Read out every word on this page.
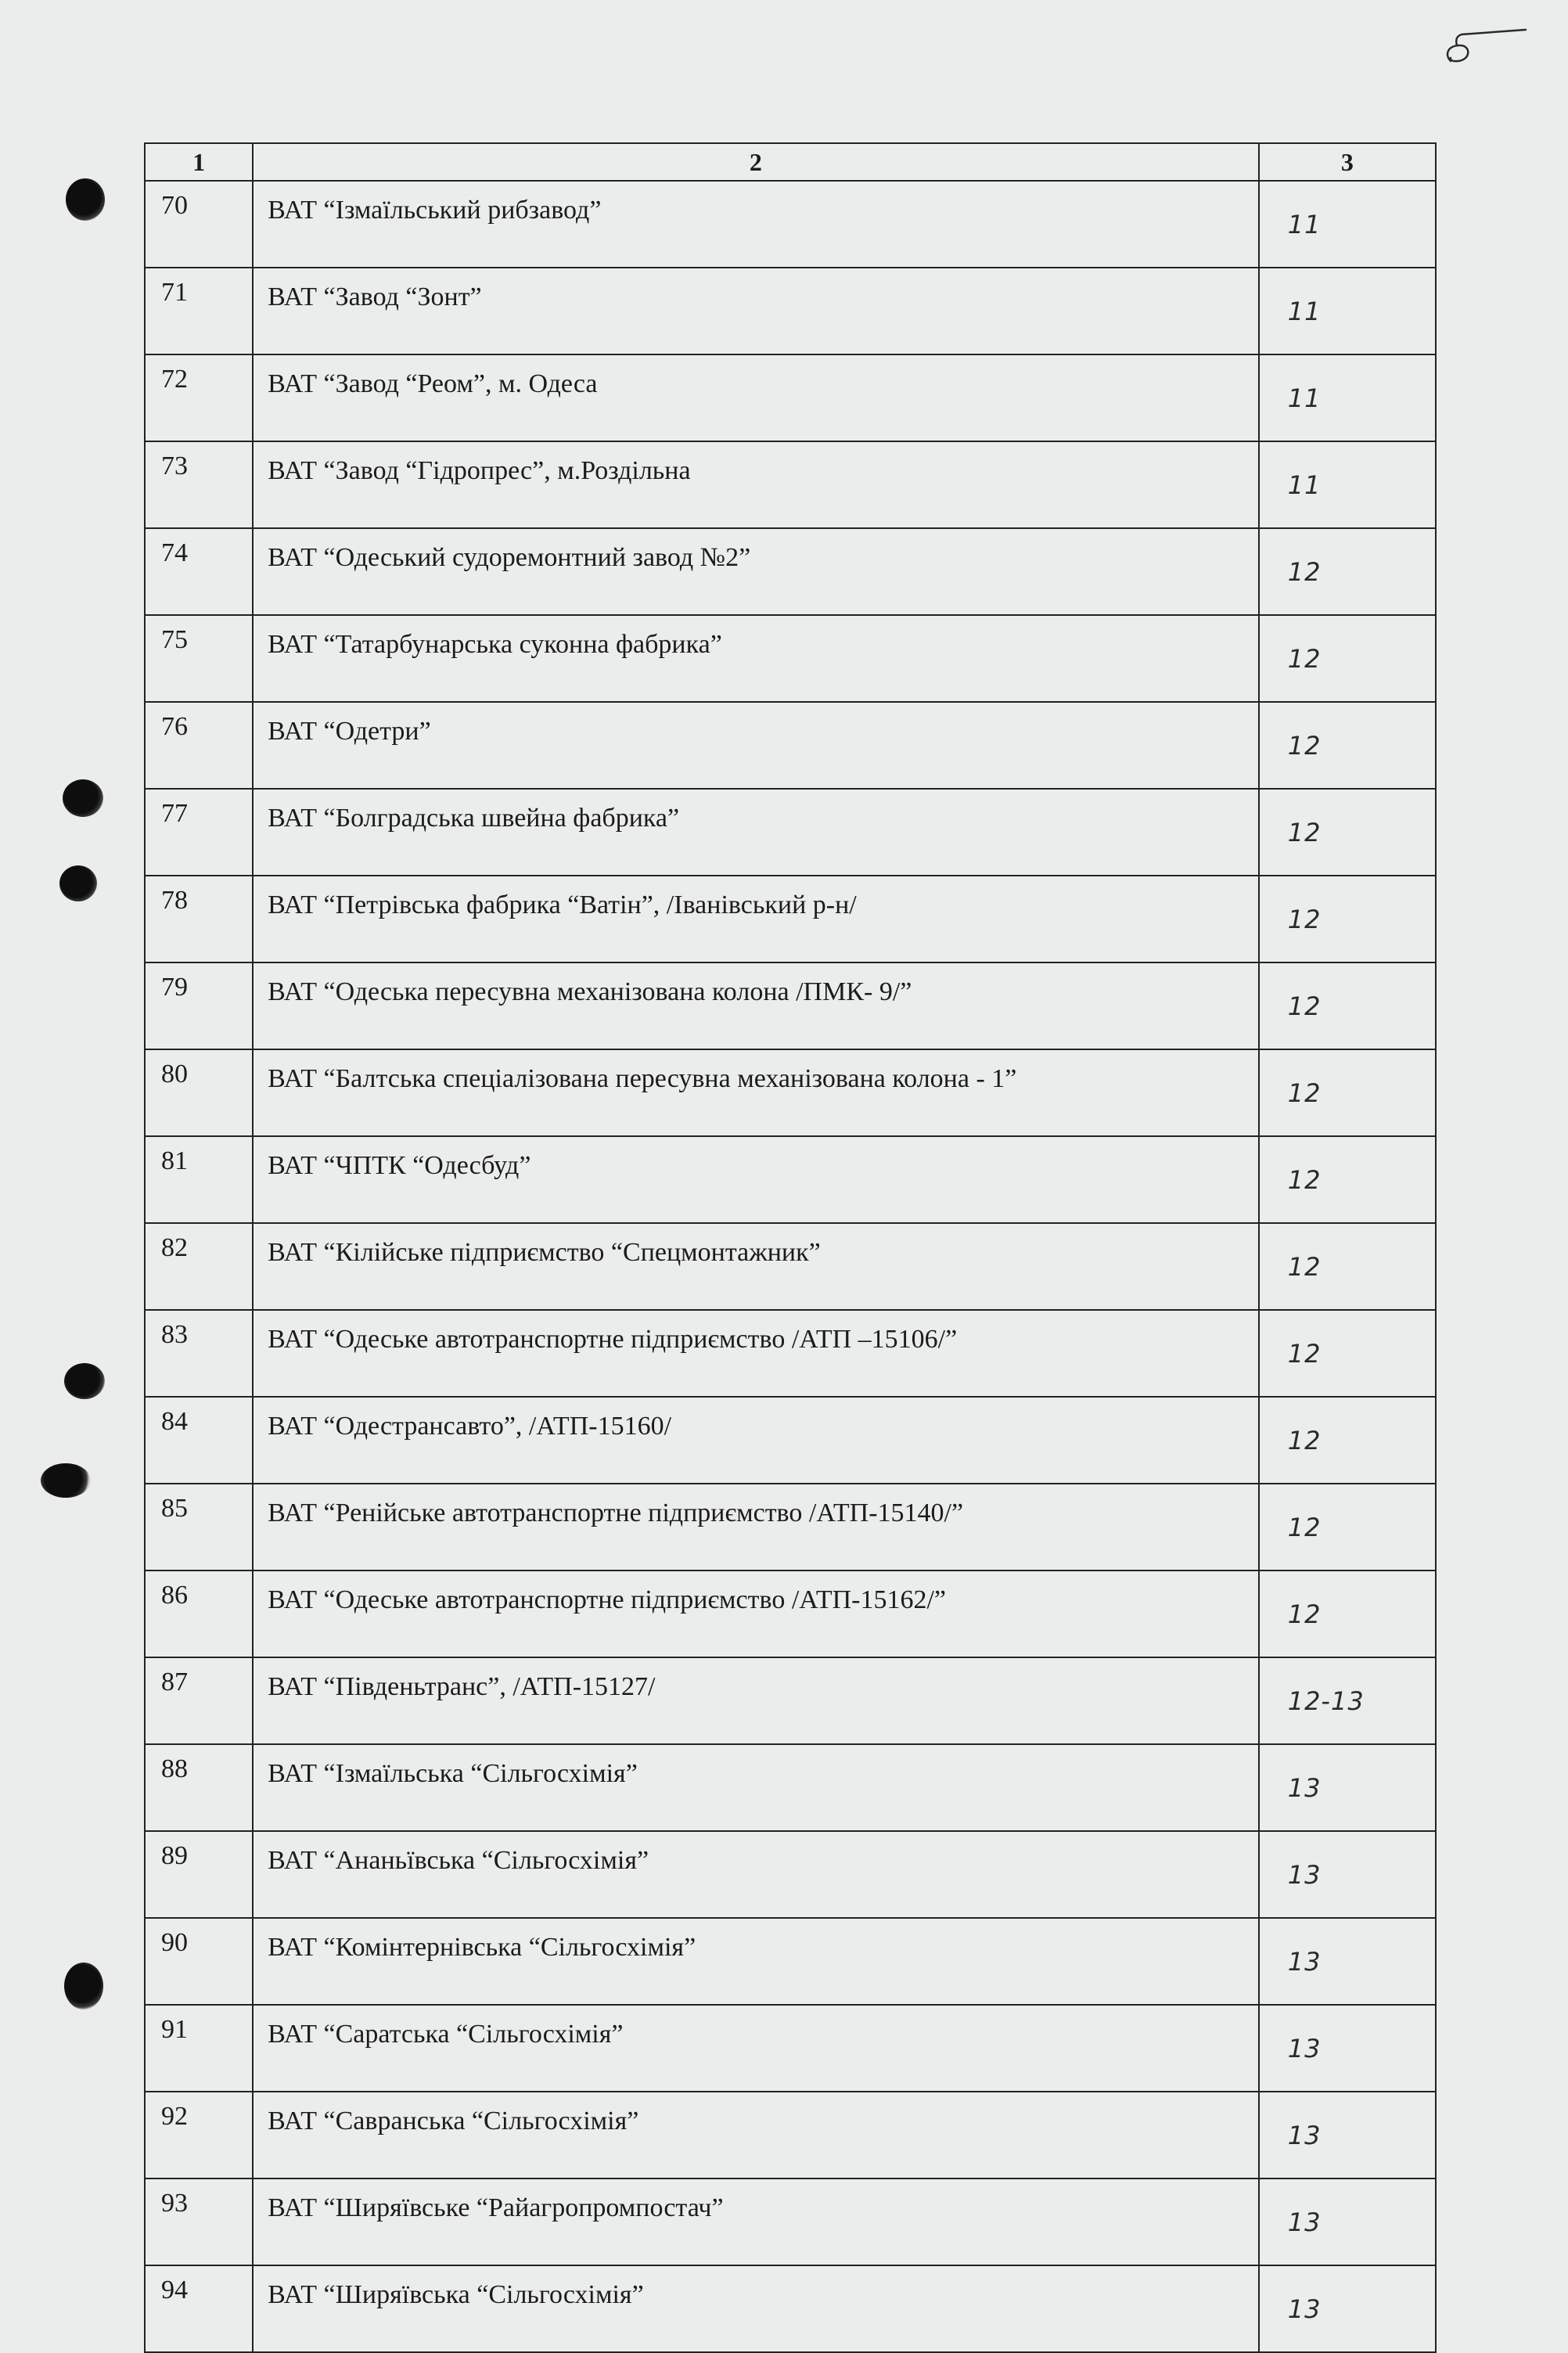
1	2	3
70	ВАТ “Ізмаїльський рибзавод”	11

71	ВАТ “Завод “Зонт”	11

72	ВАТ “Завод “Реом”, м. Одеса	11

73	ВАТ “Завод “Гідропрес”, м.Роздільна	11

74	ВАТ “Одеський судоремонтний завод №2”	12

75	ВАТ “Татарбунарська суконна фабрика”	12

76	ВАТ “Одетри”	12

77	ВАТ “Болградська швейна фабрика”	12

78	ВАТ “Петрівська фабрика “Ватін”, /Іванівський р-н/	12

79	ВАТ “Одеська пересувна механізована колона /ПМК- 9/”	12

80	ВАТ “Балтська спеціалізована пересувна механізована колона - 1”	12

81	ВАТ “ЧПТК “Одесбуд”	12

82	ВАТ “Кілійське підприємство “Спецмонтажник”	12

83	ВАТ “Одеське автотранспортне підприємство /АТП –15106/”	12

84	ВАТ “Одестрансавто”, /АТП-15160/	12

85	ВАТ “Ренійське автотранспортне підприємство /АТП-15140/”	12

86	ВАТ “Одеське автотранспортне підприємство /АТП-15162/”	12

87	ВАТ “Південьтранс”, /АТП-15127/	12-13

88	ВАТ “Ізмаїльська “Сільгосхімія”	13

89	ВАТ “Ананьївська “Сільгосхімія”	13

90	ВАТ “Комінтернівська “Сільгосхімія”	13

91	ВАТ “Саратська “Сільгосхімія”	13

92	ВАТ “Савранська “Сільгосхімія”	13

93	ВАТ “Ширяївське “Райагропромпостач”	13

94	ВАТ “Ширяївська “Сільгосхімія”	13
